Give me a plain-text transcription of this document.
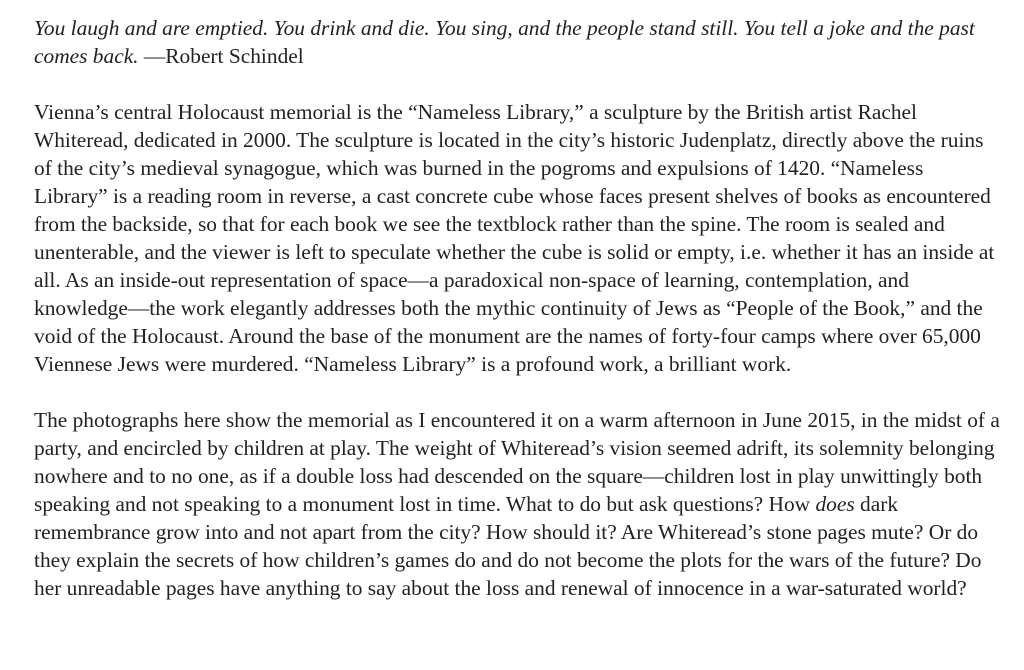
You laugh and are emptied. You drink and die. You sing, and the people stand still. You tell a joke and the past comes back. —Robert Schindel

Vienna’s central Holocaust memorial is the “Nameless Library,” a sculpture by the British artist Rachel Whiteread, dedicated in 2000. The sculpture is located in the city’s historic Judenplatz, directly above the ruins of the city’s medieval synagogue, which was burned in the pogroms and expulsions of 1420. “Nameless Library” is a reading room in reverse, a cast concrete cube whose faces present shelves of books as encountered from the backside, so that for each book we see the textblock rather than the spine. The room is sealed and unenterable, and the viewer is left to speculate whether the cube is solid or empty, i.e. whether it has an inside at all. As an inside-out representation of space—a paradoxical non-space of learning, contemplation, and knowledge—the work elegantly addresses both the mythic continuity of Jews as “People of the Book,” and the void of the Holocaust. Around the base of the monument are the names of forty-four camps where over 65,000 Viennese Jews were murdered. “Nameless Library” is a profound work, a brilliant work.

The photographs here show the memorial as I encountered it on a warm afternoon in June 2015, in the midst of a party, and encircled by children at play. The weight of Whiteread’s vision seemed adrift, its solemnity belonging nowhere and to no one, as if a double loss had descended on the square—children lost in play unwittingly both speaking and not speaking to a monument lost in time. What to do but ask questions? How does dark remembrance grow into and not apart from the city? How should it? Are Whiteread’s stone pages mute? Or do they explain the secrets of how children’s games do and do not become the plots for the wars of the future? Do her unreadable pages have anything to say about the loss and renewal of innocence in a war-saturated world?
